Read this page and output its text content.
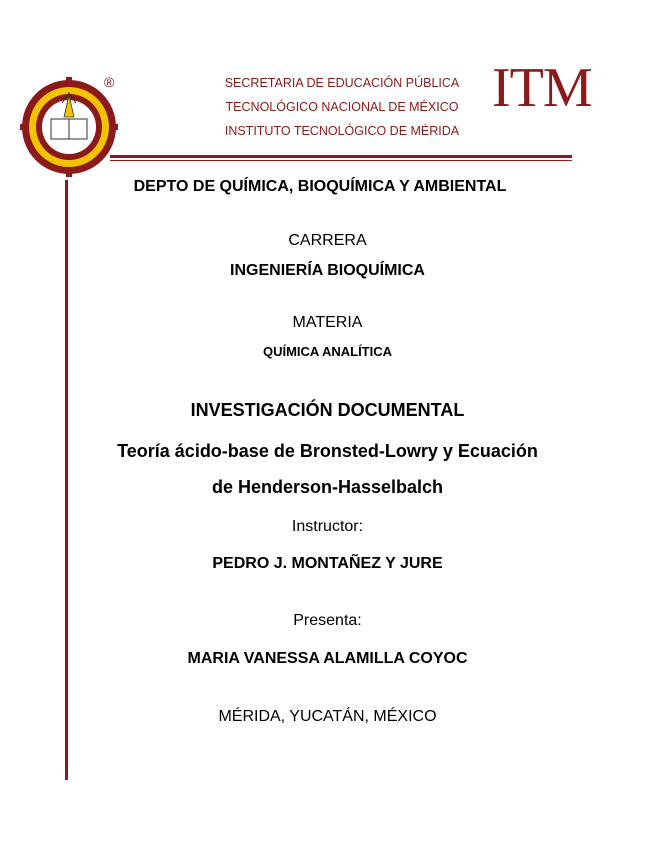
®	SECRETARIA DE EDUCACIÓN PÚBLICA
TECNOLÓGICO NACIONAL DE MÉXICO
INSTITUTO TECNOLÓGICO DE MÉRIDA
ITM
DEPTO DE QUÍMICA, BIOQUÍMICA Y AMBIENTAL
CARRERA
INGENIERÍA BIOQUÍMICA
MATERIA
QUÍMICA ANALÍTICA
INVESTIGACIÓN DOCUMENTAL
Teoría ácido-base de Bronsted-Lowry y Ecuación
de Henderson-Hasselbalch
Instructor:
PEDRO J. MONTAÑEZ Y JURE
Presenta:
MARIA VANESSA ALAMILLA COYOC
MÉRIDA, YUCATÁN, MÉXICO
